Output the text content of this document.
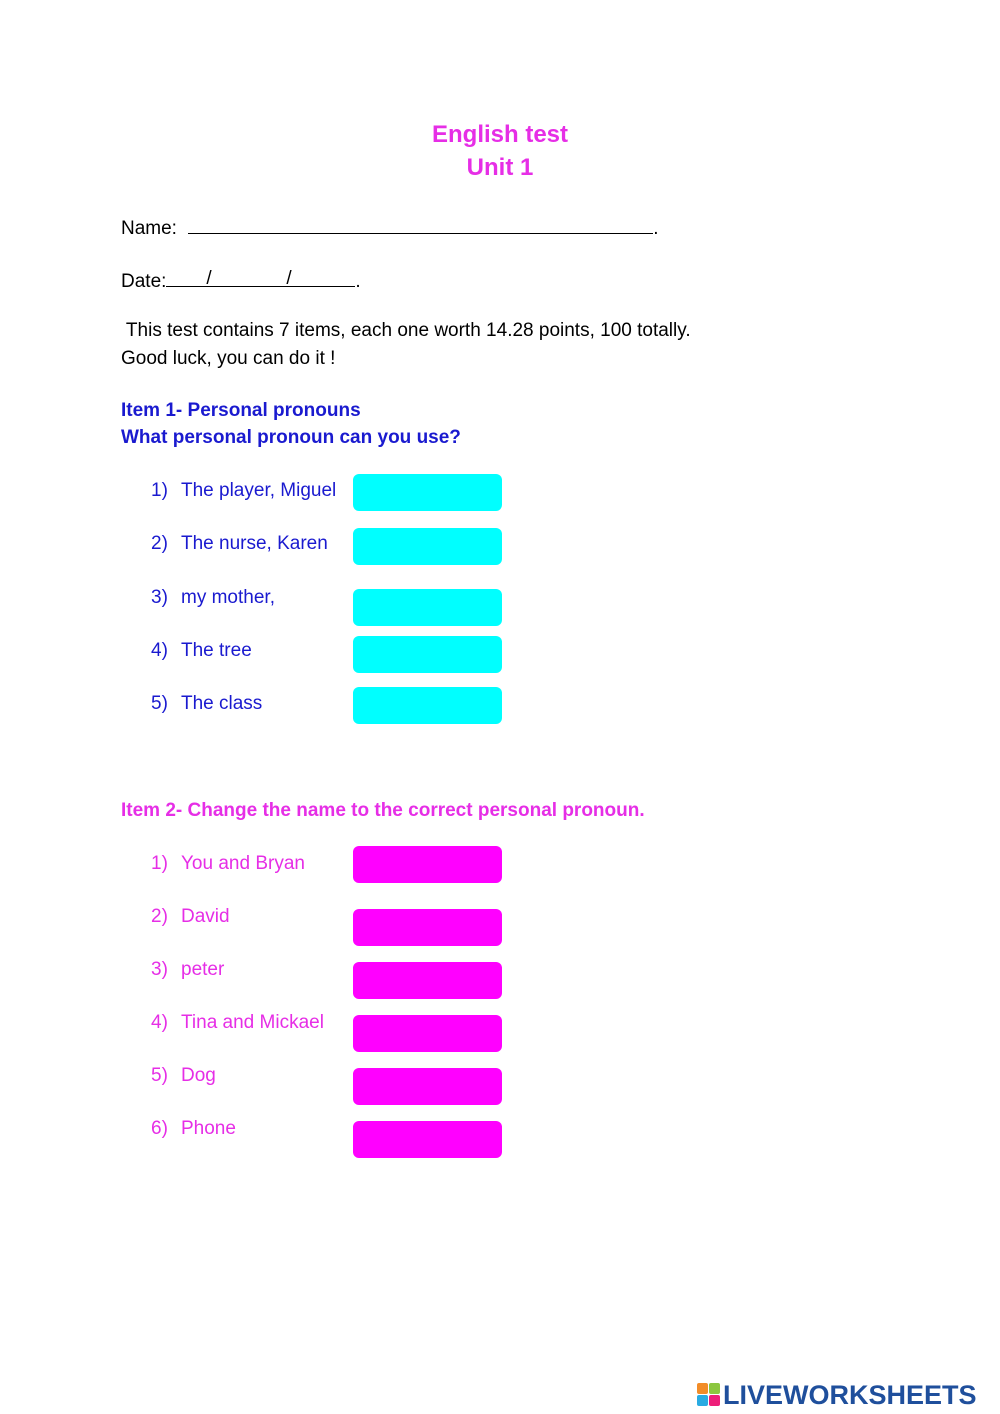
English test
Unit 1
Name:	.
Date: /	/	.
This test contains 7 items, each one worth 14.28 points, 100 totally.
Good luck, you can do it !
Item 1- Personal pronouns
What personal pronoun can you use?
1) The player, Miguel
2) The nurse, Karen
3) my mother,
4) The tree
5) The class
Item 2- Change the name to the correct personal pronoun.
1) You and Bryan
2) David
3) peter
4) Tina and Mickael
5) Dog
6) Phone
LIVEWORKSHEETS
